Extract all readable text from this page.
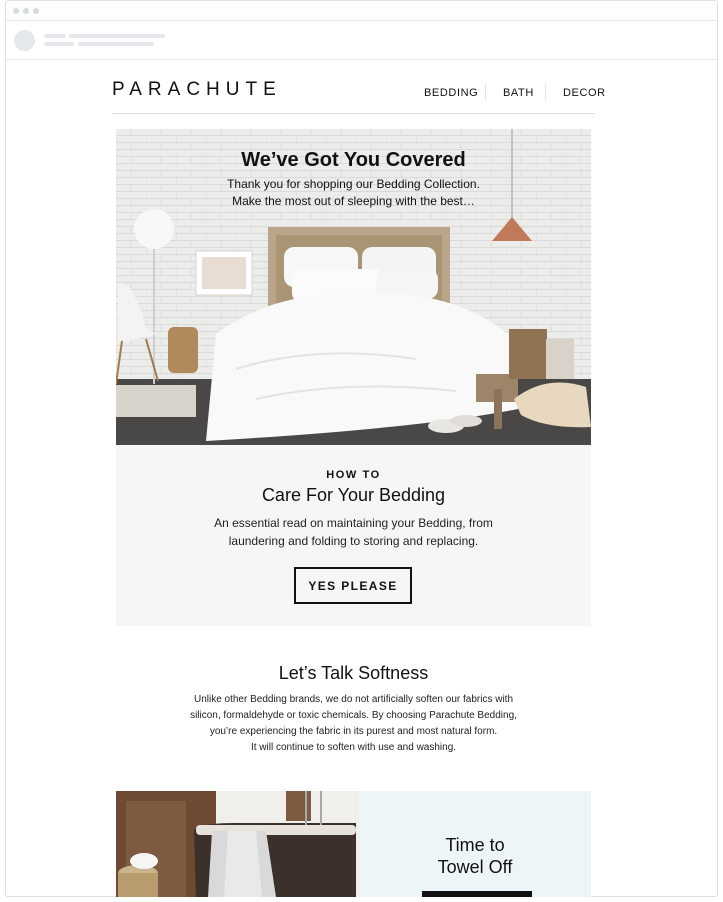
PARACHUTE	BEDDING BATH	DECOR
We’ve Got You Covered
Thank you for shopping our Bedding Collection.
Make the most out of sleeping with the best…
HOW TO
Care For Your Bedding
An essential read on maintaining your Bedding, from
laundering and folding to storing and replacing.
YES PLEASE
Let’s Talk Softness
Unlike other Bedding brands, we do not artificially soften our fabrics with
silicon, formaldehyde or toxic chemicals. By choosing Parachute Bedding,
you’re experiencing the fabric in its purest and most natural form.
It will continue to soften with use and washing.
Time to
Towel Off
